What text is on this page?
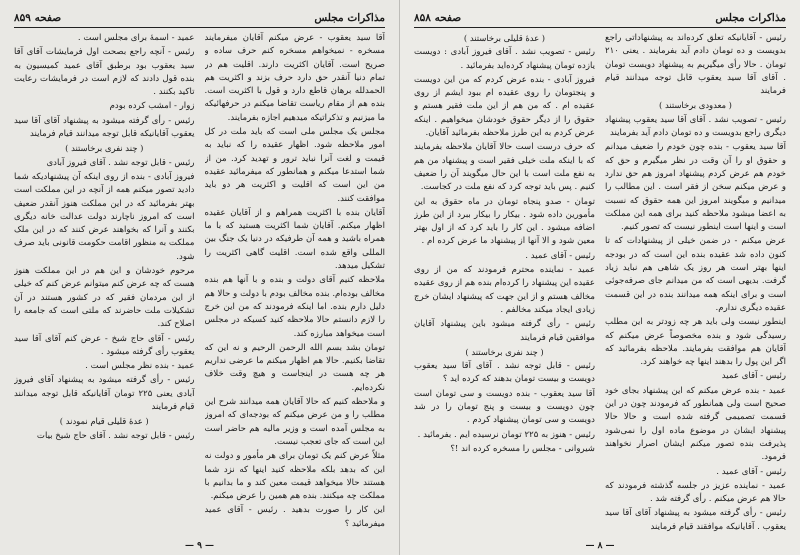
مذاکرات مجلس
صفحه ۸۵۹

آقا سید یعقوب - عرض میکنم آقایان میفرمایند مسخره - نمیخواهم مسخره کنم حرف ساده و صریح است. آقایان اکثریت دارند. اقلیت هم در تمام دنیا آنقدر حق دارد حرف بزند و اکثریت هم الحمدلله برهان قاطع دارد و قول با اکثریت است. بنده هم از مقام ریاست تقاضا میکنم در حرفهائیکه ما میزنیم و تذکراتیکه میدهیم اجازه بفرمایند.

مجلس یک مجلس ملی است که باید ملت در کل امور ملاحظه شود. اظهار عقیده را که نباید به قیمت و لغت آنرا نباید ترور و تهدید کرد. من از شما استدعا میکنم و همانطور که میفرمائید عقیده من این است که اقلیت و اکثریت هر دو باید موافقت کنند.

آقایان بنده با اکثریت همراهم و از آقایان عقیده اظهار میکنم. آقایان شما اکثریت هستید که با ما همراه باشید و همه آن طرفیکه در دنیا یک جنگ بین المللی واقع شده است. اقلیت گاهی اکثریت را تشکیل میدهد.

ملاحظه کنیم آقای دولت و بنده و با آنها هم بنده مخالف بوده‌ام. بنده مخالف بودم با دولت و حالا هم دلیل دارم بنده. اما اینکه فرمودند که من این خرج را لازم دانستم حالا ملاحظه کنید کسیکه در مجلس است میخواهد مبارزه کند.

تومان بشد بسم الله الرحمن الرحیم و نه این که تقاضا بکنیم. حالا هم اظهار میکنم ما عرضی نداریم هر چه هست در اینجاست و هیچ وقت خلاف نکرده‌ایم.

و ملاحظه کنیم که حالا آقایان همه میدانند شرح این مطلب را و من عرض میکنم که بودجه‌ای که امروز به مجلس آمده است و وزیر مالیه هم حاضر است این است که جای تعجب نیست.

مثلاً عرض کنم یک تومان برای هر مأمور و دولت نه این که بدهد بلکه ملاحظه کنید اینها که نزد شما هستند حالا میخواهد قیمت معین کند و ما بدانیم با مملکت چه میکنند. بنده هم همین را عرض میکنم.

این کار را صورت بدهید . رئیس - آقای عمید میفرمائید ؟

عمید - اسمهٔ برای مجلس است .

رئیس - آنچه راجع بصحت اول فرمایشات آقای آقا سید یعقوب بود برطبق آقای عمید کمیسیون به بنده قول دادند که لازم است در فرمایشات رعایت تاکید بکنند .

زوار - امشب کرده بودم

رئیس - رأی گرفته میشود به پیشنهاد آقای آقا سید یعقوب آقایانیکه قابل توجه میدانند قیام فرمایند

( چند نفری برخاستند )

رئیس - قابل توجه نشد . آقای فیروز آبادی

فیروز آبادی - بنده از روی اینکه آن پیشنهادیکه شما دادید تصور میکنم همه از آنچه در این مملکت است بهتر بفرمائید که در این مملکت هنوز آنقدر ضعیف است که امروز ناچارند دولت عدالت خانه دیگری بکنند و آنرا که بخواهند عرض کنند که در این ملک مملکت به منظور اقامت حکومت قانونی باید صرف شود.

مرحوم خودشان و این هم در این مملکت هنوز هست که چه عرض کنم میتوانم عرض کنم که خیلی از این مردمان فقیر که در کشور هستند در آن تشکیلات ملت حاضرند که ملتی است که جامعه را اصلاح کند.

رئیس - آقای حاج شیخ - عرض کنم آقای آقا سید یعقوب رأی گرفته میشود .

عمید - بنده نظر مجلس است .

رئیس - رأی گرفته میشود به پیشنهاد آقای فیروز آبادی یعنی ۲۲۵ تومان آقایانیکه قابل توجه میدانند قیام فرمایند

( عدهٔ قلیلی قیام نمودند )

رئیس - قابل توجه نشد . آقای حاج شیخ بیات

— ۹ —
مذاکرات مجلس
صفحه ۸۵۸

رئیس - آقایانیکه تعلق کرده‌اند به پیشنهاداتی راجع بدویست و ده تومان دادم آید بفرمایند . یعنی ۲۱۰ تومان . حالا رأی میگیریم به پیشنهاد دویست تومان . آقای آقا سید یعقوب قابل توجه میدانند قیام فرمایند

( معدودی برخاستند )

رئیس - تصویب نشد . آقای آقا سید یعقوب پیشنهاد دیگری راجع بدویست و ده تومان دادم آید بفرمایند

آقا سید یعقوب - بنده چون خودم را ضعیف میدانم و حقوق او را آن وقت در نظر میگیرم و حق که خودم هم عرض کردم پیشنهاد امروز هم حق ندارد و عرض میکنم سخن از فقر است . این مطالب را میدانیم و میگویند امروز این همه حقوق که نسبت به اعضا میشود ملاحظه کنید برای همه این مملکت است و اینها است اینطور نیست که تصور کنیم.

عرض میکنم - در ضمن خیلی از پیشنهادات که تا کنون داده شد عقیده بنده این است که در بودجه اینها بهتر است هر روز یک شاهی هم نباید زیاد گرفت. بدیهی است که من میدانم جای صرفه‌جوئی است و برای اینکه همه میدانند بنده در این قسمت عقیده دیگری ندارم.

اینطور نیست ولی باید هر چه زودتر به این مطلب رسیدگی شود و بنده مخصوصاً عرض میکنم که آقایان هم موافقت بفرمایند. ملاحظه بفرمائید که اگر این پول را بدهند اینها چه خواهند کرد.

رئیس - آقای عمید

عمید - بنده عرض میکنم که این پیشنهاد بجای خود صحیح است ولی همانطور که فرمودند چون در این قسمت تصمیمی گرفته شده است و حالا حالا پیشنهاد ایشان در موضوع ماده اول را نمی‌شود پذیرفت بنده تصور میکنم ایشان اصرار نخواهند فرمود.

رئیس - آقای عمید .

عمید - نماینده عزیز در جلسه گذشته فرمودند که حالا هم عرض میکنم . رأی گرفته شد .

رئیس - رأی گرفته میشود به پیشنهاد آقای آقا سید یعقوب . آقایانیکه موافقند قیام فرمایند

( عدهٔ قلیلی برخاستند )

رئیس - تصویب نشد . آقای فیروز آبادی : دویست یازده تومان پیشنهاد کرده‌اید بفرمائید .

فیروز آبادی - بنده عرض کردم که من این دویست و پنجتومان را روی عقیده ام ببود ایشم از روی عقیده ام . که من هم از این ملت فقیر هستم و حقوق را از دیگر حقوق خودشان میخواهیم . اینکه عرض کردم به این طرز ملاحظه بفرمائید آقایان.

که حرف درست است حالا آقایان ملاحظه بفرمایند که با اینکه ملت خیلی فقیر است و پیشنهاد من هم به نفع ملت است با این حال میگویند آن را ضعیف کنیم . پس باید توجه کرد که نفع ملت در کجاست.

تومان - صدو پنجاه تومان در ماه حقوق به این مأمورین داده شود . بیکار را بیکار ببرد از این طرز اضافه میشود . این کار را باید کرد که از اول بهتر معین شود و الا آنها از پیشنهاد ما عرض کرده ام .

رئیس - آقای عمید .

عمید - نماینده محترم فرمودند که من از روی عقیده این پیشنهاد را کرده‌ام بنده هم از روی عقیده مخالف هستم و از این جهت که پیشنهاد ایشان خرج زیادی ایجاد میکند مخالفم .

رئیس - رأی گرفته میشود باین پیشنهاد آقایان موافقین قیام فرمایند

( چند نفری برخاستند )

رئیس - قابل توجه نشد . آقای آقا سید یعقوب دویست و بیست تومان بدهند که کرده اید ؟

آقا سید یعقوب - بنده دویست و سی تومان است چون دویست و بیست و پنج تومان را در شد دویست و سی تومان پیشنهاد کردم .

رئیس - هنوز به ۲۲۵ تومان نرسیده ایم . بفرمائید .

شیروانی - مجلس را مسخره کرده اند !؟

— ۸ —
